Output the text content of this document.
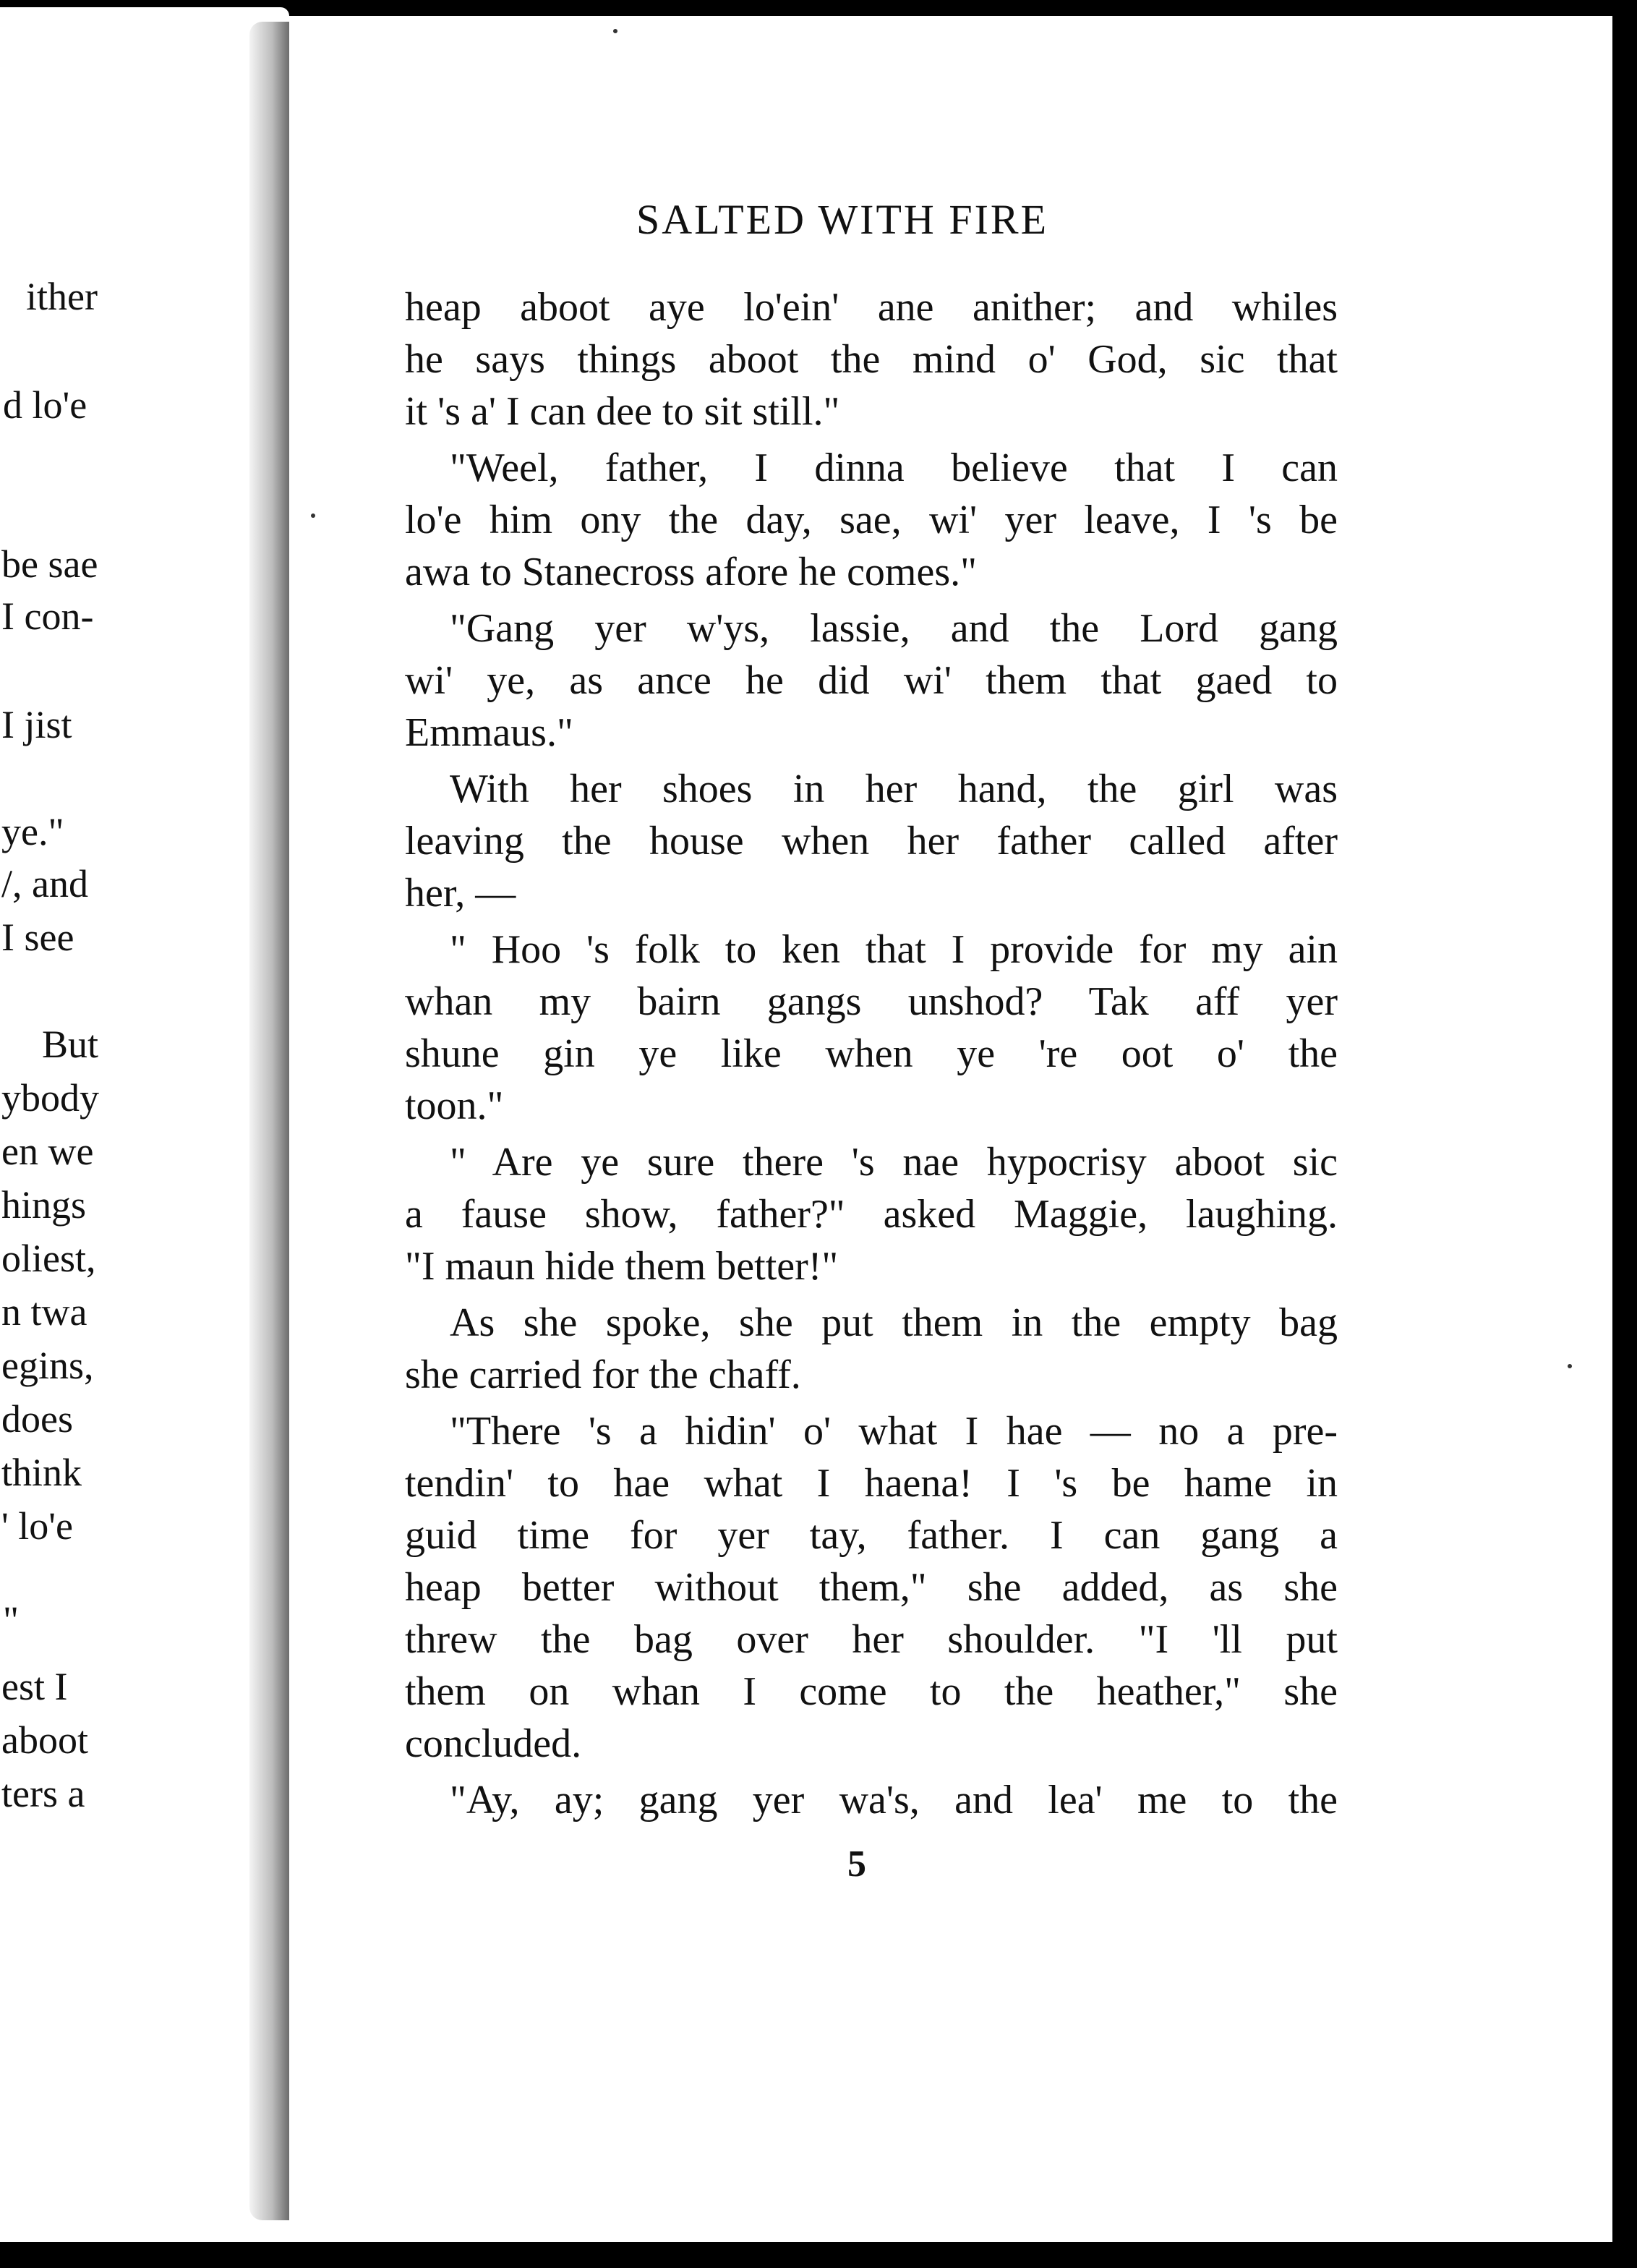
ither
d lo'e
be sae
I con-
I jist
ye."
/, and
I see
But
ybody
en we
hings
oliest,
n twa
egins,
does
think
' lo'e
"
est I
aboot
ters a
SALTED WITH FIRE
heap aboot aye lo'ein' ane anither; and whiles
he says things aboot the mind o' God, sic that
it 's a' I can dee to sit still."
"Weel, father, I dinna believe that I can
lo'e him ony the day, sae, wi' yer leave, I 's be
awa to Stanecross afore he comes."
"Gang yer w'ys, lassie, and the Lord gang
wi' ye, as ance he did wi' them that gaed to
Emmaus."
With her shoes in her hand, the girl was
leaving the house when her father called after
her, —
" Hoo 's folk to ken that I provide for my ain
whan my bairn gangs unshod? Tak aff yer
shune gin ye like when ye 're oot o' the
toon."
" Are ye sure there 's nae hypocrisy aboot sic
a fause show, father?" asked Maggie, laughing.
"I maun hide them better!"
As she spoke, she put them in the empty bag
she carried for the chaff.
"There 's a hidin' o' what I hae — no a pre-
tendin' to hae what I haena! I 's be hame in
guid time for yer tay, father. I can gang a
heap better without them," she added, as she
threw the bag over her shoulder. "I 'll put
them on whan I come to the heather," she
concluded.
"Ay, ay; gang yer wa's, and lea' me to the
5
